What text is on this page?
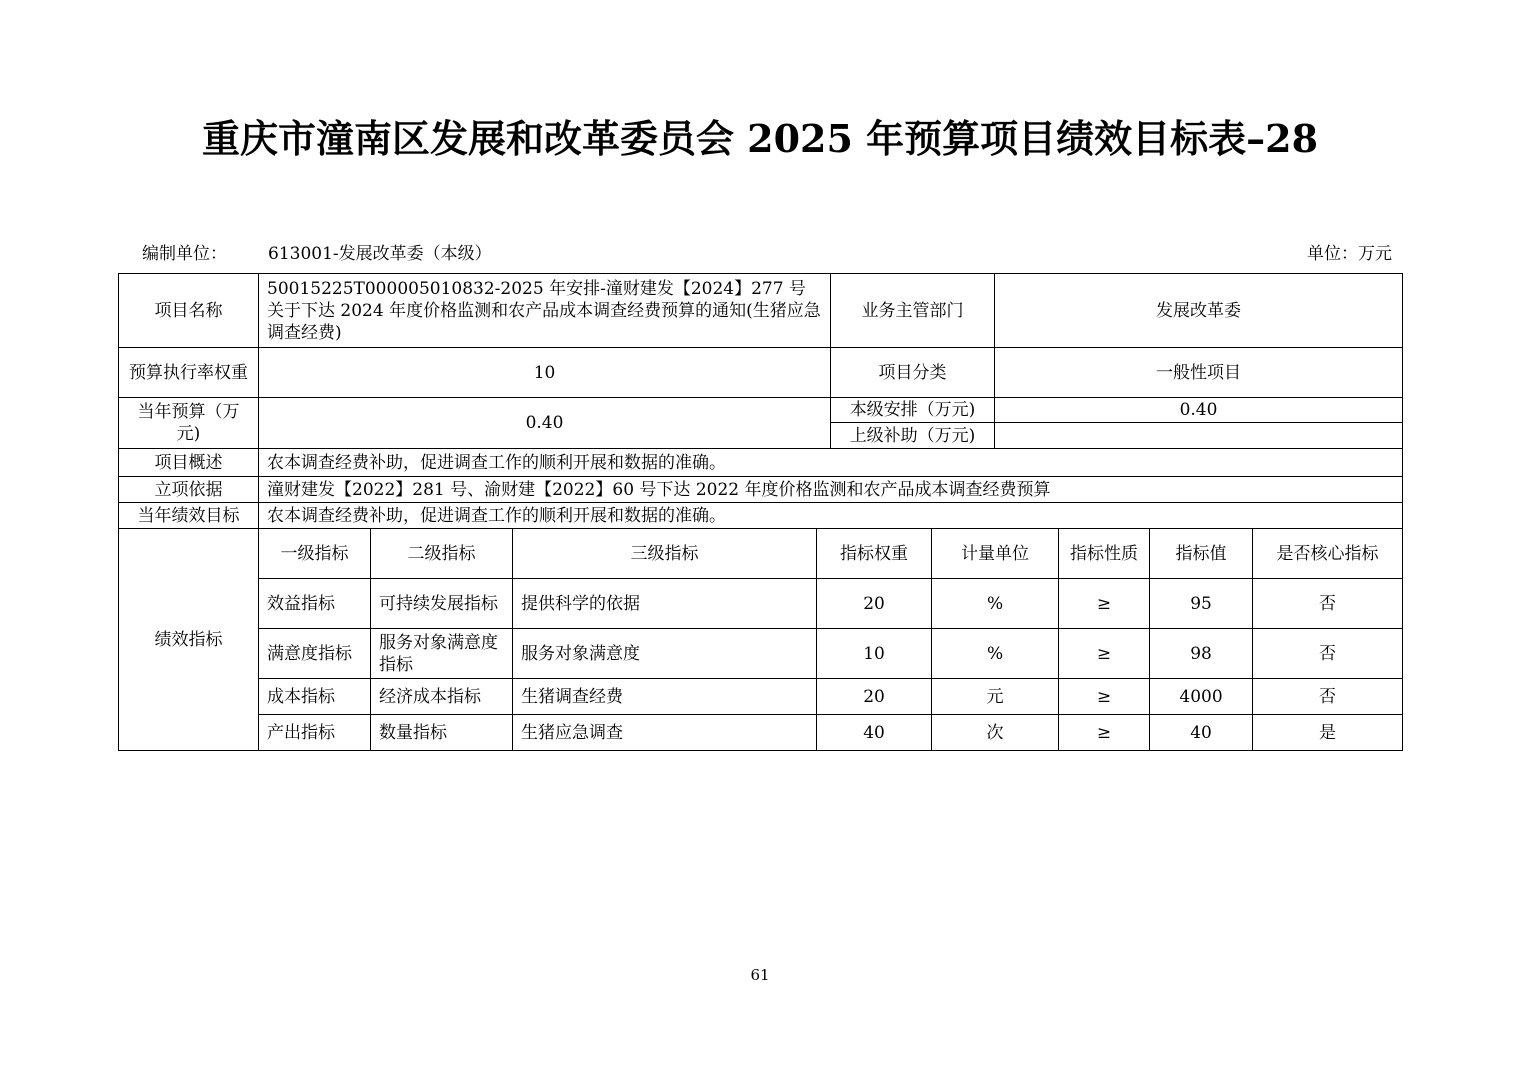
重庆市潼南区发展和改革委员会 2025 年预算项目绩效目标表–28
编制单位： 613001-发展改革委（本级）	单位：万元
项目名称	50015225T000005010832-2025 年安排-潼财建发【2024】277 号关于下达 2024 年度价格监测和农产品成本调查经费预算的通知(生猪应急调查经费)				业务主管部门		发展改革委			
预算执行率权重	10				项目分类		一般性项目			
当年预算（万元)	0.40				本级安排（万元)		0.40			
					上级补助（万元)					
项目概述	农本调查经费补助，促进调查工作的顺利开展和数据的准确。									
立项依据	潼财建发【2022】281 号、渝财建【2022】60 号下达 2022 年度价格监测和农产品成本调查经费预算									
当年绩效目标	农本调查经费补助，促进调查工作的顺利开展和数据的准确。									
绩效指标	一级指标	二级指标	三级指标	指标权重		计量单位		指标性质	指标值	是否核心指标
	效益指标	可持续发展指标	提供科学的依据	20		%		≥	95	否
	满意度指标	服务对象满意度指标	服务对象满意度	10		%		≥	98	否
	成本指标	经济成本指标	生猪调查经费	20		元		≥	4000	否
	产出指标	数量指标	生猪应急调查	40		次		≥	40	是
61
